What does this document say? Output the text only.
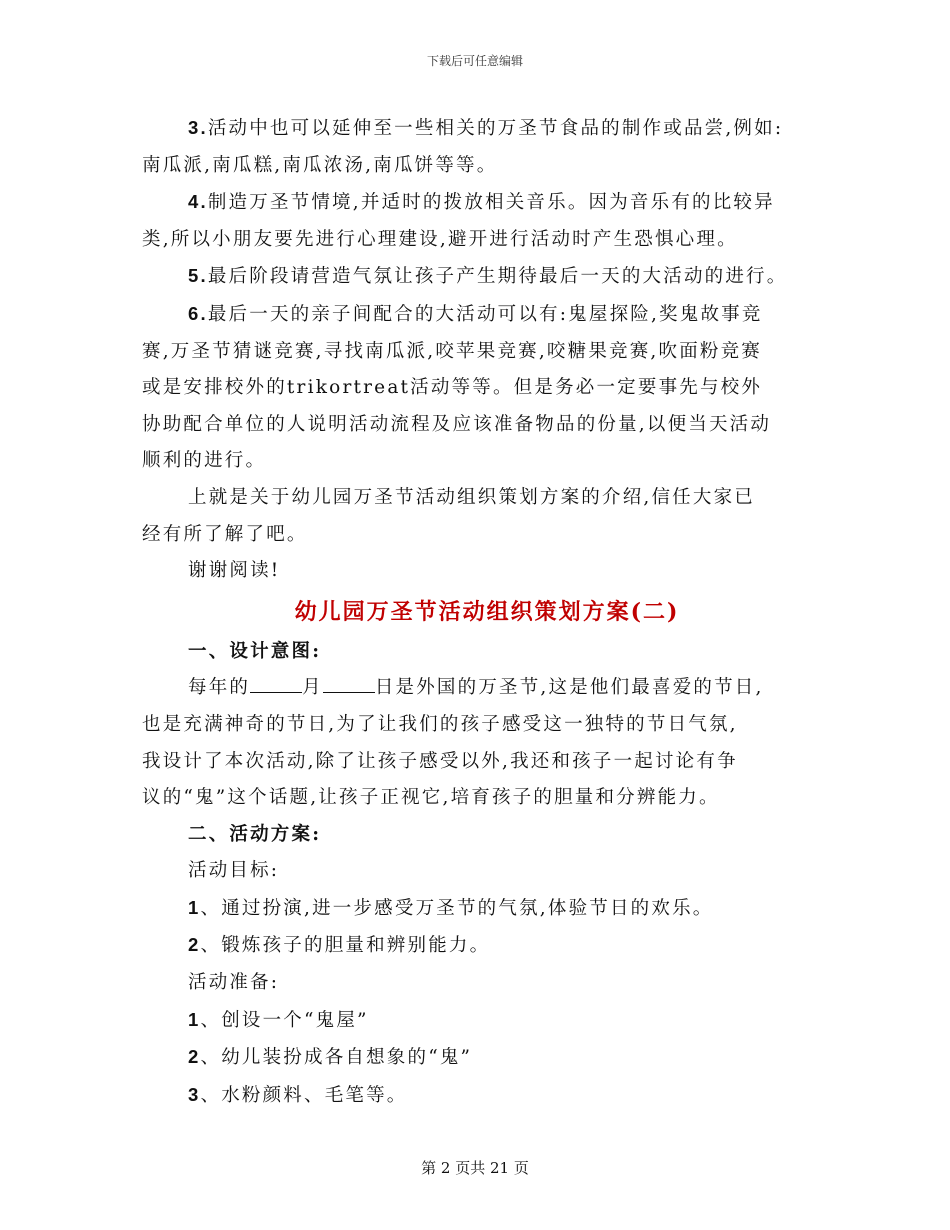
下载后可任意编辑

3.活动中也可以延伸至一些相关的万圣节食品的制作或品尝,例如:

南瓜派,南瓜糕,南瓜浓汤,南瓜饼等等。

4.制造万圣节情境,并适时的拨放相关音乐。因为音乐有的比较异

类,所以小朋友要先进行心理建设,避开进行活动时产生恐惧心理。

5.最后阶段请营造气氛让孩子产生期待最后一天的大活动的进行。

6.最后一天的亲子间配合的大活动可以有:鬼屋探险,奖鬼故事竞

赛,万圣节猜谜竞赛,寻找南瓜派,咬苹果竞赛,咬糖果竞赛,吹面粉竞赛

或是安排校外的trikortreat活动等等。但是务必一定要事先与校外

协助配合单位的人说明活动流程及应该准备物品的份量,以便当天活动

顺利的进行。

上就是关于幼儿园万圣节活动组织策划方案的介绍,信任大家已

经有所了解了吧。

谢谢阅读!

幼儿园万圣节活动组织策划方案(二)

一、设计意图:

每年的	月	日是外国的万圣节,这是他们最喜爱的节日,

也是充满神奇的节日,为了让我们的孩子感受这一独特的节日气氛,

我设计了本次活动,除了让孩子感受以外,我还和孩子一起讨论有争

议的“鬼”这个话题,让孩子正视它,培育孩子的胆量和分辨能力。

二、活动方案:

活动目标:

1、通过扮演,进一步感受万圣节的气氛,体验节日的欢乐。

2、锻炼孩子的胆量和辨别能力。

活动准备:

1、创设一个“鬼屋”

2、幼儿装扮成各自想象的“鬼”

3、水粉颜料、毛笔等。

第 2 页共 21 页
